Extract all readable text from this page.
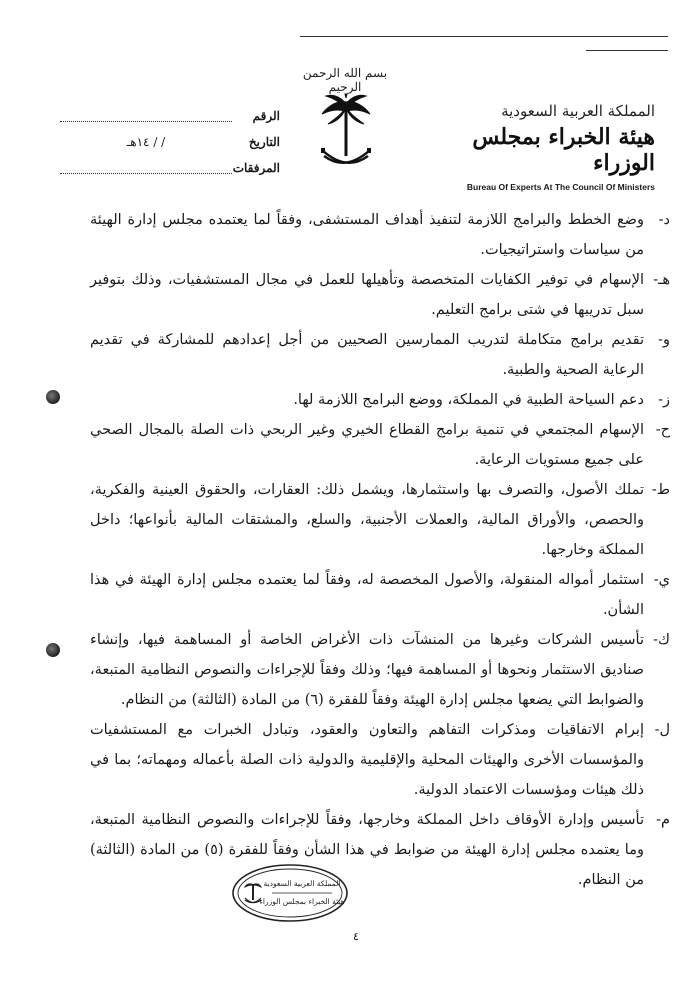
بسم الله الرحمن الرحيم
المملكة العربية السعودية
هيئة الخبراء بمجلس الوزراء
Bureau Of Experts At The Council Of Ministers
الرقم
التاريخ
/ / ١٤هـ
المرفقات
د-
وضع الخطط والبرامج اللازمة لتنفيذ أهداف المستشفى، وفقاً لما يعتمده مجلس إدارة الهيئة من سياسات واستراتيجيات.
هـ-
الإسهام في توفير الكفايات المتخصصة وتأهيلها للعمل في مجال المستشفيات، وذلك بتوفير سبل تدريبها في شتى برامج التعليم.
و-
تقديم برامج متكاملة لتدريب الممارسين الصحيين من أجل إعدادهم للمشاركة في تقديم الرعاية الصحية والطبية.
ز-
دعم السياحة الطبية في المملكة، ووضع البرامج اللازمة لها.
ح-
الإسهام المجتمعي في تنمية برامج القطاع الخيري وغير الربحي ذات الصلة بالمجال الصحي على جميع مستويات الرعاية.
ط-
تملك الأصول، والتصرف بها واستثمارها، ويشمل ذلك: العقارات، والحقوق العينية والفكرية، والحصص، والأوراق المالية، والعملات الأجنبية، والسلع، والمشتقات المالية بأنواعها؛ داخل المملكة وخارجها.
ي-
استثمار أمواله المنقولة، والأصول المخصصة له، وفقاً لما يعتمده مجلس إدارة الهيئة في هذا الشأن.
ك-
تأسيس الشركات وغيرها من المنشآت ذات الأغراض الخاصة أو المساهمة فيها، وإنشاء صناديق الاستثمار ونحوها أو المساهمة فيها؛ وذلك وفقاً للإجراءات والنصوص النظامية المتبعة، والضوابط التي يضعها مجلس إدارة الهيئة وفقاً للفقرة (٦) من المادة (الثالثة) من النظام.
ل-
إبرام الاتفاقيات ومذكرات التفاهم والتعاون والعقود، وتبادل الخبرات مع المستشفيات والمؤسسات الأخرى والهيئات المحلية والإقليمية والدولية ذات الصلة بأعماله ومهماته؛ بما في ذلك هيئات ومؤسسات الاعتماد الدولية.
م-
تأسيس وإدارة الأوقاف داخل المملكة وخارجها، وفقاً للإجراءات والنصوص النظامية المتبعة، وما يعتمده مجلس إدارة الهيئة من ضوابط في هذا الشأن وفقاً للفقرة (٥) من المادة (الثالثة) من النظام.
المملكة العربية السعودية
هيئة الخبراء بمجلس الوزراء
٤
